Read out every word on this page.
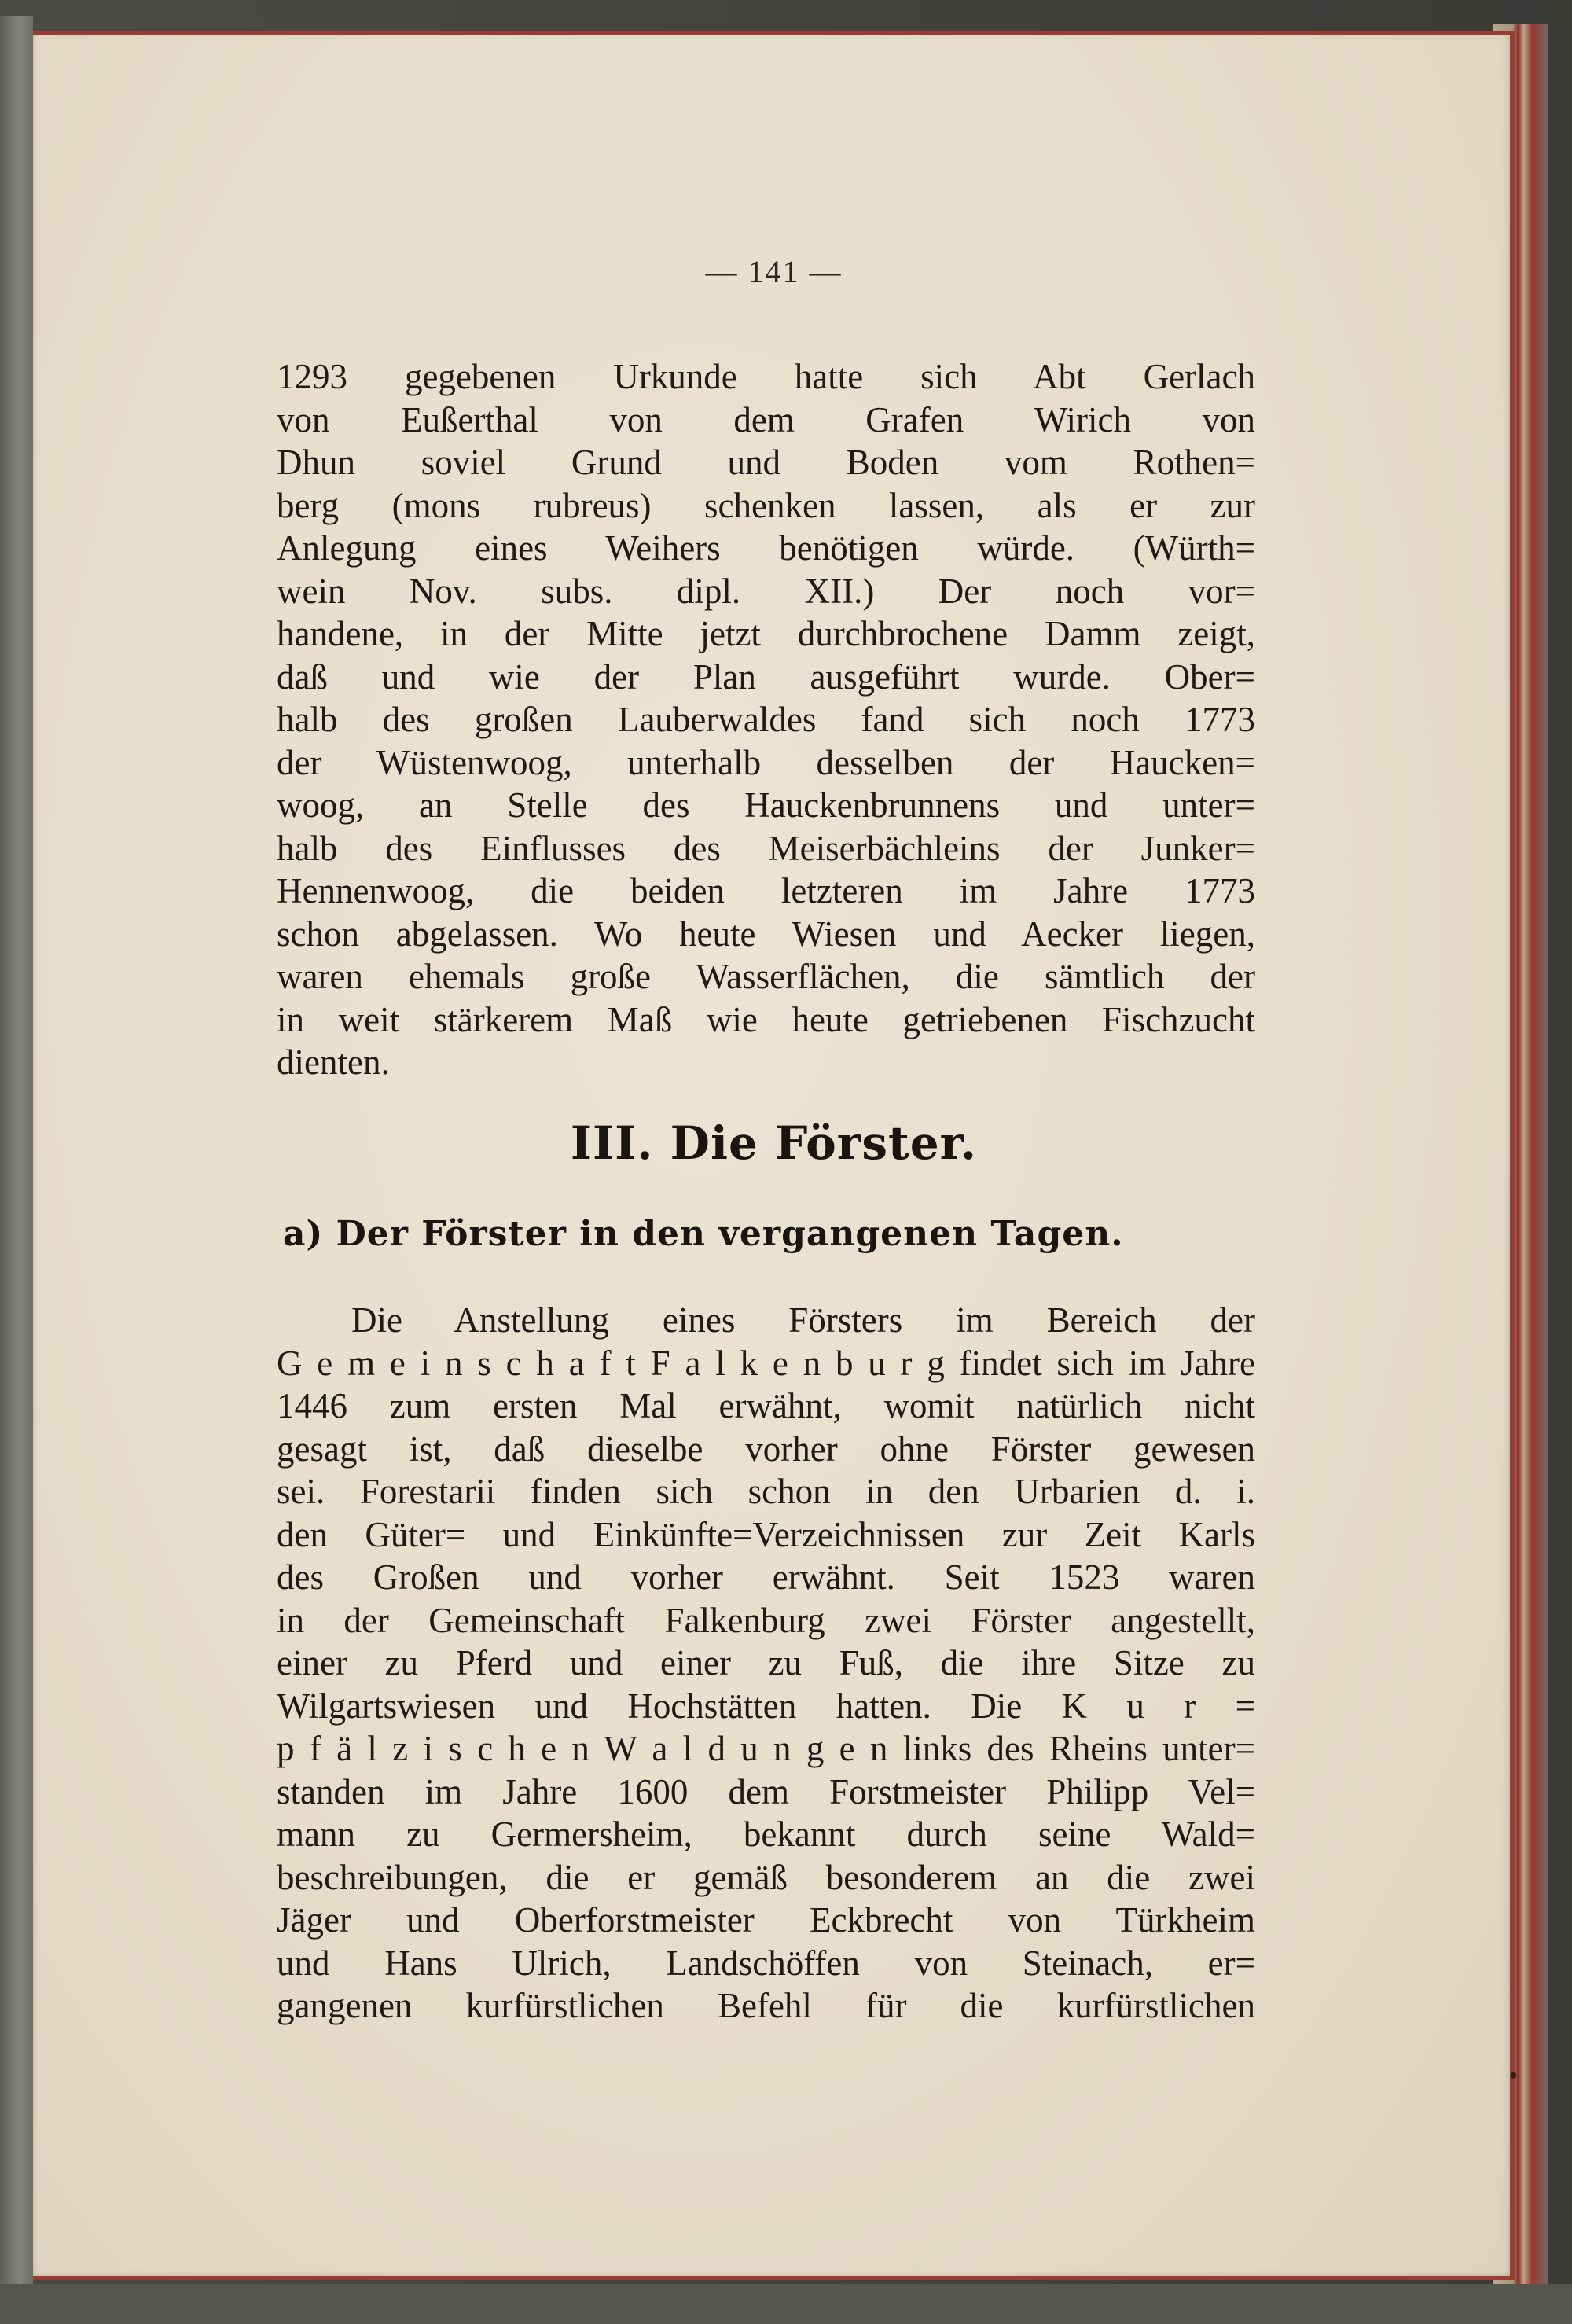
— 141 —
1293 gegebenen Urkunde hatte sich Abt Gerlach
von Eußerthal von dem Grafen Wirich von
Dhun soviel Grund und Boden vom Rothen=
berg (mons rubreus) schenken lassen, als er zur
Anlegung eines Weihers benötigen würde. (Würth=
wein Nov. subs. dipl. XII.) Der noch vor=
handene, in der Mitte jetzt durchbrochene Damm zeigt,
daß und wie der Plan ausgeführt wurde. Ober=
halb des großen Lauberwaldes fand sich noch 1773
der Wüstenwoog, unterhalb desselben der Haucken=
woog, an Stelle des Hauckenbrunnens und unter=
halb des Einflusses des Meiserbächleins der Junker=
Hennenwoog, die beiden letzteren im Jahre 1773
schon abgelassen. Wo heute Wiesen und Aecker liegen,
waren ehemals große Wasserflächen, die sämtlich der
in weit stärkerem Maß wie heute getriebenen Fischzucht
dienten.
III. Die Förster.
a) Der Förster in den vergangenen Tagen.
Die Anstellung eines Försters im Bereich der
G e m e i n s c h a f t F a l k e n b u r g findet sich im Jahre
1446 zum ersten Mal erwähnt, womit natürlich nicht
gesagt ist, daß dieselbe vorher ohne Förster gewesen
sei. Forestarii finden sich schon in den Urbarien d. i.
den Güter= und Einkünfte=Verzeichnissen zur Zeit Karls
des Großen und vorher erwähnt. Seit 1523 waren
in der Gemeinschaft Falkenburg zwei Förster angestellt,
einer zu Pferd und einer zu Fuß, die ihre Sitze zu
Wilgartswiesen und Hochstätten hatten. Die K u r =
p f ä l z i s c h e n W a l d u n g e n links des Rheins unter=
standen im Jahre 1600 dem Forstmeister Philipp Vel=
mann zu Germersheim, bekannt durch seine Wald=
beschreibungen, die er gemäß besonderem an die zwei
Jäger und Oberforstmeister Eckbrecht von Türkheim
und Hans Ulrich, Landschöffen von Steinach, er=
gangenen kurfürstlichen Befehl für die kurfürstlichen
